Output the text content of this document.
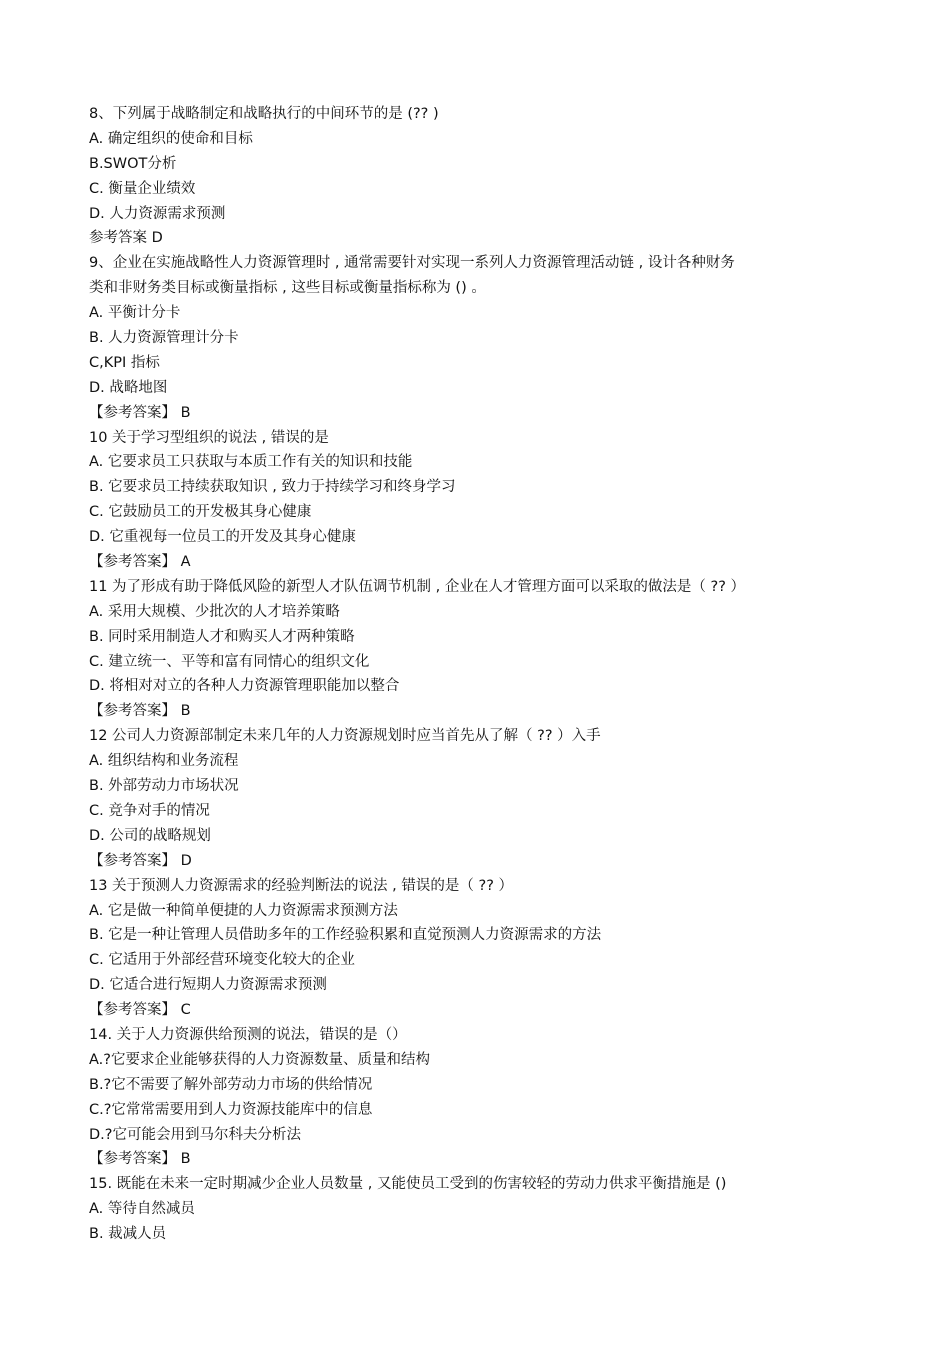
8、下列属于战略制定和战略执行的中间环节的是 (?? )
A. 确定组织的使命和目标
B.SWOT分析
C. 衡量企业绩效
D. 人力资源需求预测
参考答案 D
9、企业在实施战略性人力资源管理时 , 通常需要针对实现一系列人力资源管理活动链 , 设计各种财务
类和非财务类目标或衡量指标 , 这些目标或衡量指标称为 () 。
A. 平衡计分卡
B. 人力资源管理计分卡
C,KPI 指标
D. 战略地图
【参考答案】 B
10 关于学习型组织的说法 , 错误的是
A. 它要求员工只获取与本质工作有关的知识和技能
B. 它要求员工持续获取知识 , 致力于持续学习和终身学习
C. 它鼓励员工的开发极其身心健康
D. 它重视每一位员工的开发及其身心健康
【参考答案】 A
11 为了形成有助于降低风险的新型人才队伍调节机制 , 企业在人才管理方面可以采取的做法是（ ?? ）
A. 采用大规模、少批次的人才培养策略
B. 同时采用制造人才和购买人才两种策略
C. 建立统一、平等和富有同情心的组织文化
D. 将相对对立的各种人力资源管理职能加以整合
【参考答案】 B
12 公司人力资源部制定未来几年的人力资源规划时应当首先从了解（ ?? ）入手
A. 组织结构和业务流程
B. 外部劳动力市场状况
C. 竞争对手的情况
D. 公司的战略规划
【参考答案】 D
13 关于预测人力资源需求的经验判断法的说法 , 错误的是（ ?? ）
A. 它是做一种简单便捷的人力资源需求预测方法
B. 它是一种让管理人员借助多年的工作经验积累和直觉预测人力资源需求的方法
C. 它适用于外部经营环境变化较大的企业
D. 它适合进行短期人力资源需求预测
【参考答案】 C
14. 关于人力资源供给预测的说法，错误的是（）
A.?它要求企业能够获得的人力资源数量、质量和结构
B.?它不需要了解外部劳动力市场的供给情况
C.?它常常需要用到人力资源技能库中的信息
D.?它可能会用到马尔科夫分析法
【参考答案】 B
15. 既能在未来一定时期减少企业人员数量 , 又能使员工受到的伤害较轻的劳动力供求平衡措施是 ()
A. 等待自然减员
B. 裁减人员
